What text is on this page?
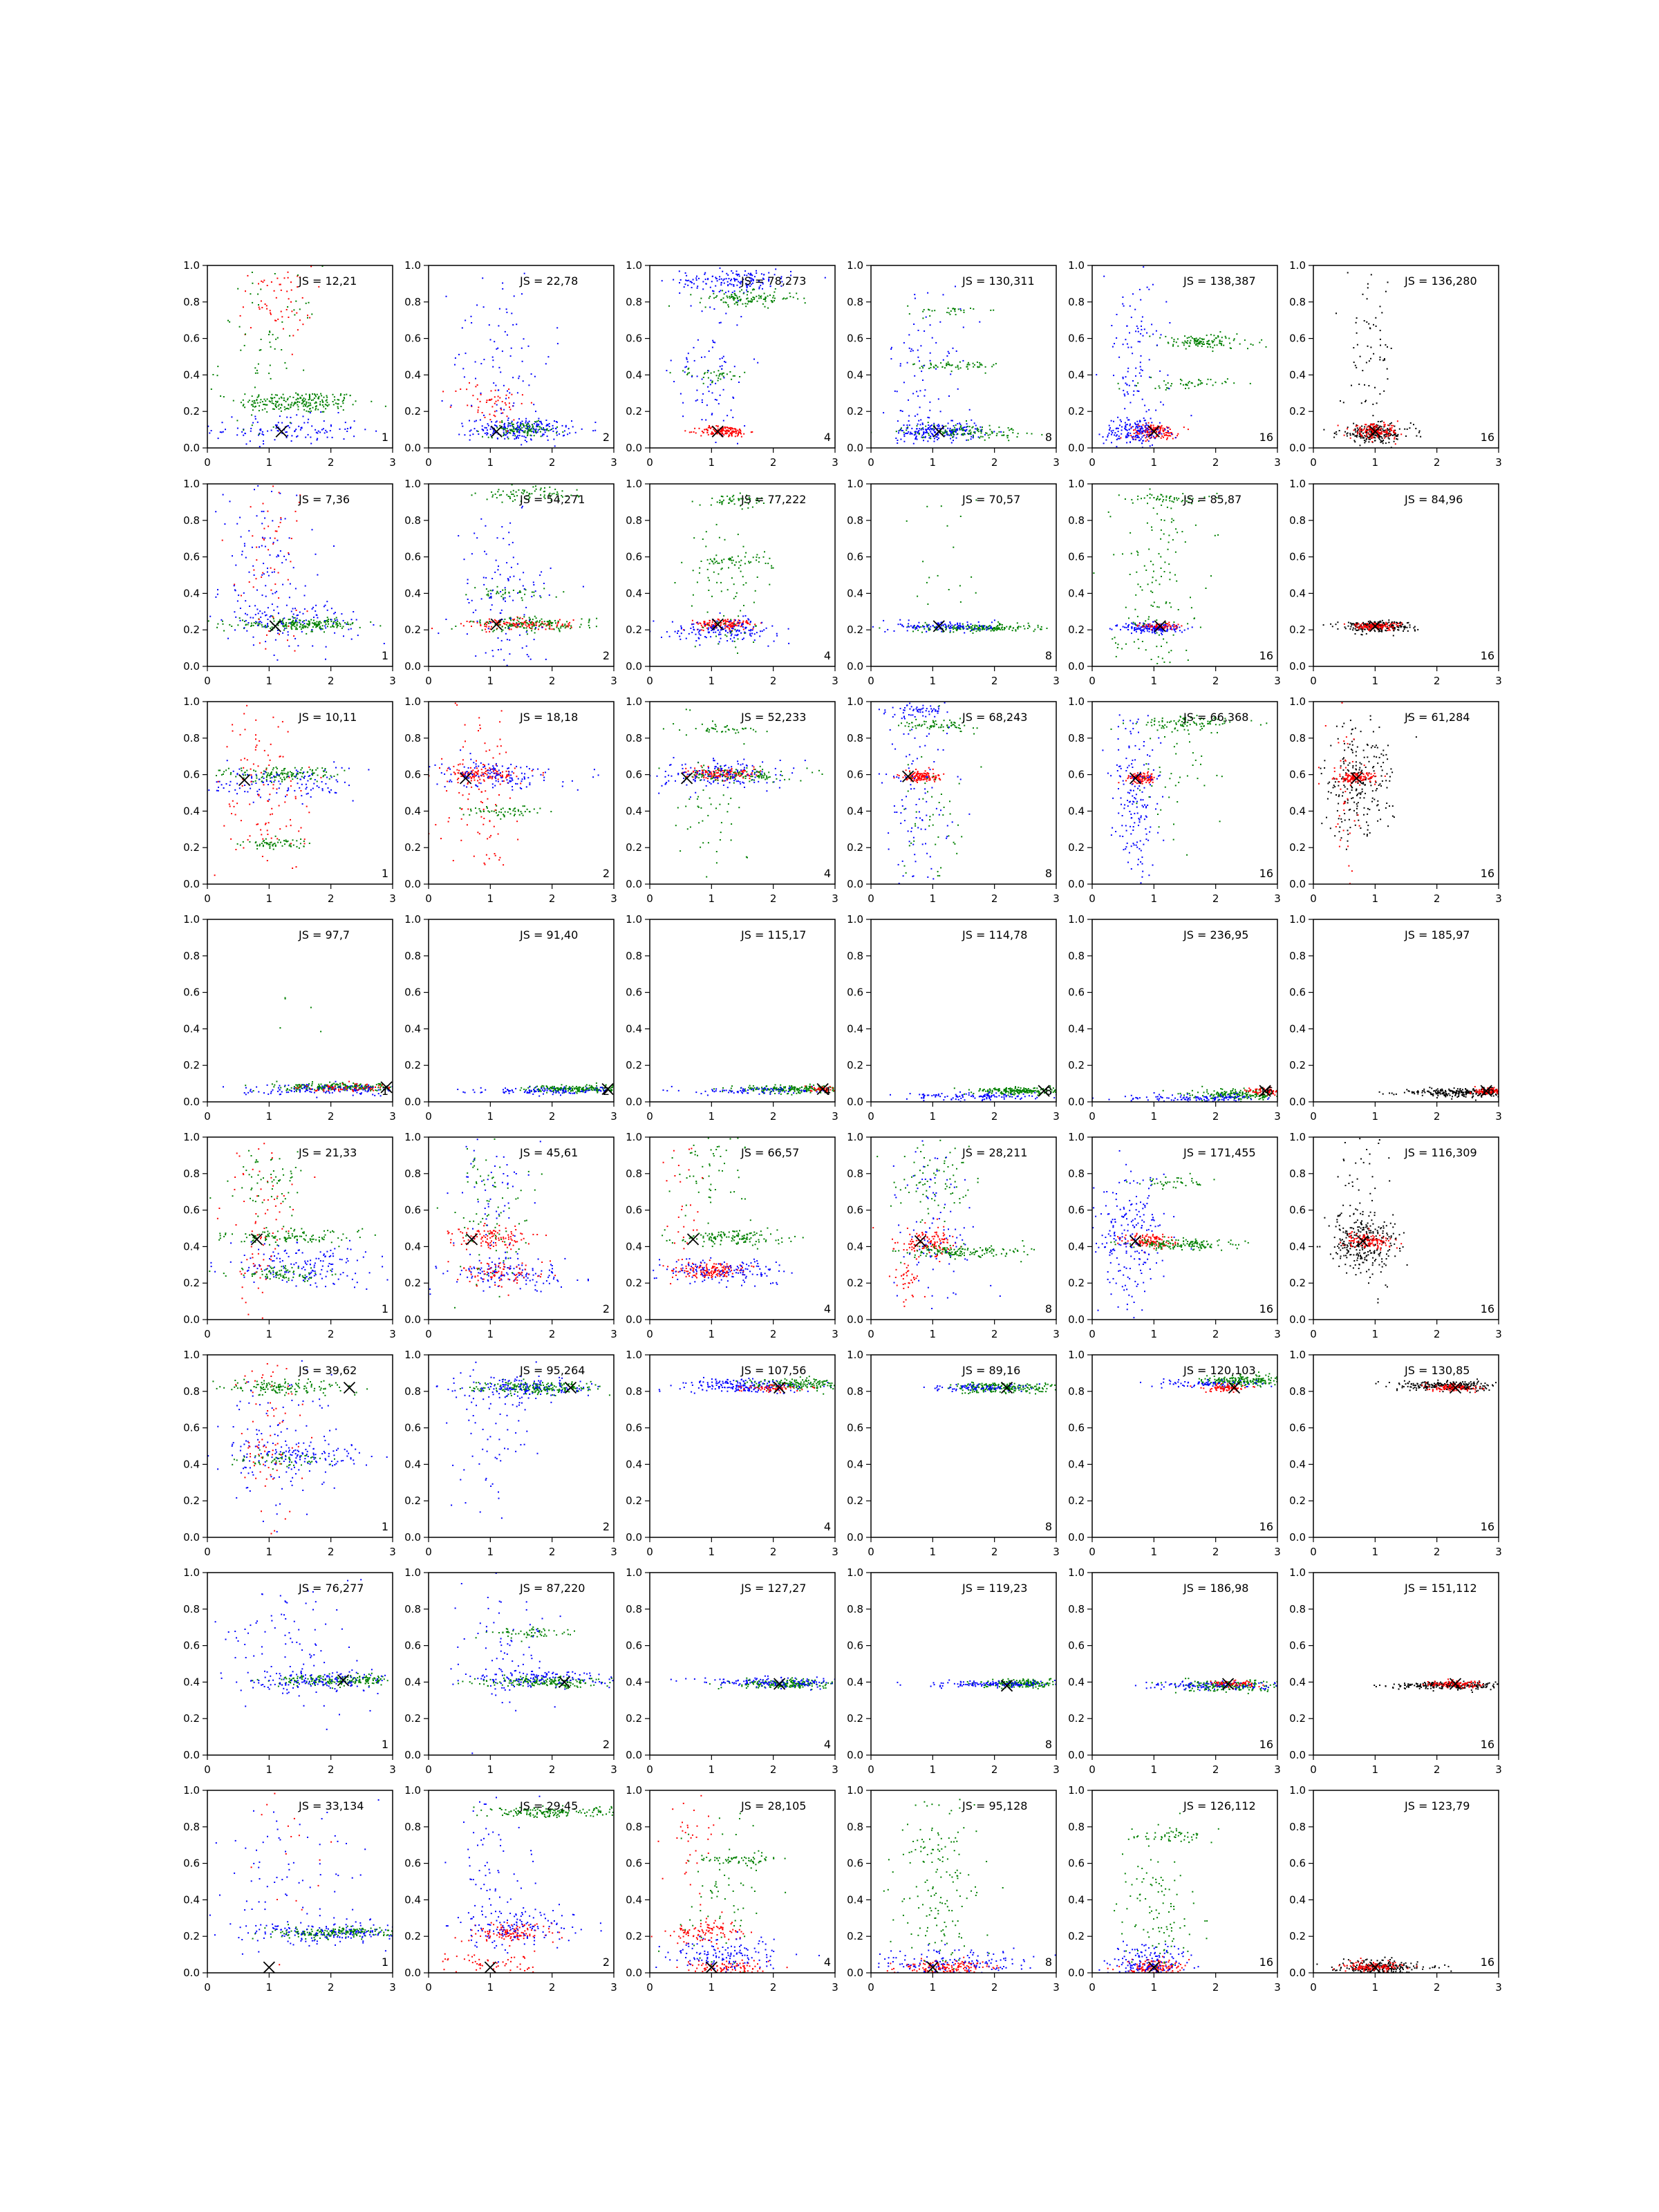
0	1	2	3
0.0
0.2
0.4
0.6
0.8
1.0
JS = 12,21
1
0	1	2	3
0.0
0.2
0.4
0.6
0.8
1.0
JS = 22,78
2
0	1	2	3
0.0
0.2
0.4
0.6
0.8
1.0
JS = 78,273
4
0	1	2	3
0.0
0.2
0.4
0.6
0.8
1.0
JS = 130,311
8
0	1	2	3
0.0
0.2
0.4
0.6
0.8
1.0
JS = 138,387
16
0	1	2	3
0.0
0.2
0.4
0.6
0.8
1.0
JS = 136,280
16
0	1	2	3
0.0
0.2
0.4
0.6
0.8
1.0
JS = 7,36
1
0	1	2	3
0.0
0.2
0.4
0.6
0.8
1.0
JS = 54,271
2
0	1	2	3
0.0
0.2
0.4
0.6
0.8
1.0
JS = 77,222
4
0	1	2	3
0.0
0.2
0.4
0.6
0.8
1.0
JS = 70,57
8
0	1	2	3
0.0
0.2
0.4
0.6
0.8
1.0
JS = 85,87
16
0	1	2	3
0.0
0.2
0.4
0.6
0.8
1.0
JS = 84,96
16
0	1	2	3
0.0
0.2
0.4
0.6
0.8
1.0
JS = 10,11
1
0	1	2	3
0.0
0.2
0.4
0.6
0.8
1.0
JS = 18,18
2
0	1	2	3
0.0
0.2
0.4
0.6
0.8
1.0
JS = 52,233
4
0	1	2	3
0.0
0.2
0.4
0.6
0.8
1.0
JS = 68,243
8
0	1	2	3
0.0
0.2
0.4
0.6
0.8
1.0
JS = 66,368
16
0	1	2	3
0.0
0.2
0.4
0.6
0.8
1.0
JS = 61,284
16
0	1	2	3
0.0
0.2
0.4
0.6
0.8
1.0
JS = 97,7
1
0	1	2	3
0.0
0.2
0.4
0.6
0.8
1.0
JS = 91,40
2
0	1	2	3
0.0
0.2
0.4
0.6
0.8
1.0
JS = 115,17
4
0	1	2	3
0.0
0.2
0.4
0.6
0.8
1.0
JS = 114,78
8
0	1	2	3
0.0
0.2
0.4
0.6
0.8
1.0
JS = 236,95
16
0	1	2	3
0.0
0.2
0.4
0.6
0.8
1.0
JS = 185,97
16
0	1	2	3
0.0
0.2
0.4
0.6
0.8
1.0
JS = 21,33
1
0	1	2	3
0.0
0.2
0.4
0.6
0.8
1.0
JS = 45,61
2
0	1	2	3
0.0
0.2
0.4
0.6
0.8
1.0
JS = 66,57
4
0	1	2	3
0.0
0.2
0.4
0.6
0.8
1.0
JS = 28,211
8
0	1	2	3
0.0
0.2
0.4
0.6
0.8
1.0
JS = 171,455
16
0	1	2	3
0.0
0.2
0.4
0.6
0.8
1.0
JS = 116,309
16
0	1	2	3
0.0
0.2
0.4
0.6
0.8
1.0
JS = 39,62
1
0	1	2	3
0.0
0.2
0.4
0.6
0.8
1.0
JS = 95,264
2
0	1	2	3
0.0
0.2
0.4
0.6
0.8
1.0
JS = 107,56
4
0	1	2	3
0.0
0.2
0.4
0.6
0.8
1.0
JS = 89,16
8
0	1	2	3
0.0
0.2
0.4
0.6
0.8
1.0
JS = 120,103
16
0	1	2	3
0.0
0.2
0.4
0.6
0.8
1.0
JS = 130,85
16
0	1	2	3
0.0
0.2
0.4
0.6
0.8
1.0
JS = 76,277
1
0	1	2	3
0.0
0.2
0.4
0.6
0.8
1.0
JS = 87,220
2
0	1	2	3
0.0
0.2
0.4
0.6
0.8
1.0
JS = 127,27
4
0	1	2	3
0.0
0.2
0.4
0.6
0.8
1.0
JS = 119,23
8
0	1	2	3
0.0
0.2
0.4
0.6
0.8
1.0
JS = 186,98
16
0	1	2	3
0.0
0.2
0.4
0.6
0.8
1.0
JS = 151,112
16
0	1	2	3
0.0
0.2
0.4
0.6
0.8
1.0
JS = 33,134
1
0	1	2	3
0.0
0.2
0.4
0.6
0.8
1.0
JS = 29,45
2
0	1	2	3
0.0
0.2
0.4
0.6
0.8
1.0
JS = 28,105
4
0	1	2	3
0.0
0.2
0.4
0.6
0.8
1.0
JS = 95,128
8
0	1	2	3
0.0
0.2
0.4
0.6
0.8
1.0
JS = 126,112
16
0	1	2	3
0.0
0.2
0.4
0.6
0.8
1.0
JS = 123,79
16
